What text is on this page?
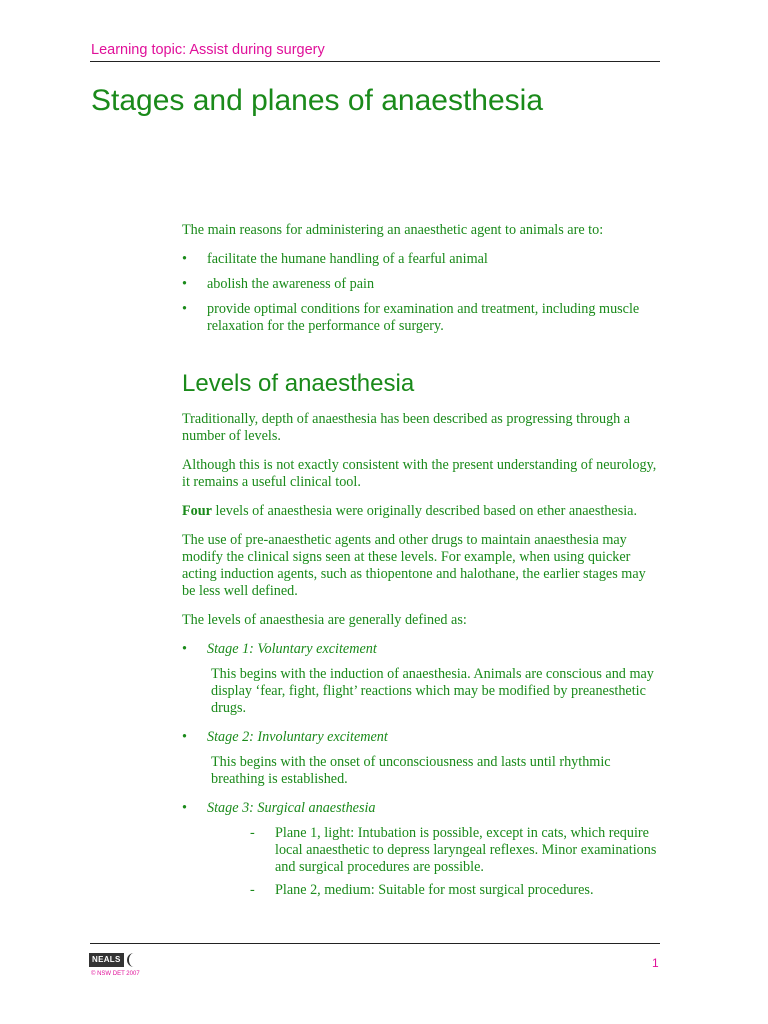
Learning topic: Assist during surgery
Stages and planes of anaesthesia

The main reasons for administering an anaesthetic agent to animals are to:

• facilitate the humane handling of a fearful animal
• abolish the awareness of pain
• provide optimal conditions for examination and treatment, including muscle relaxation for the performance of surgery.
Levels of anaesthesia

Traditionally, depth of anaesthesia has been described as progressing through a number of levels.

Although this is not exactly consistent with the present understanding of neurology, it remains a useful clinical tool.

Four levels of anaesthesia were originally described based on ether anaesthesia.

The use of pre-anaesthetic agents and other drugs to maintain anaesthesia may modify the clinical signs seen at these levels. For example, when using quicker acting induction agents, such as thiopentone and halothane, the earlier stages may be less well defined.

The levels of anaesthesia are generally defined as:

• Stage 1: Voluntary excitement

This begins with the induction of anaesthesia. Animals are conscious and may display ‘fear, fight, flight’ reactions which may be modified by preanesthetic drugs.

• Stage 2: Involuntary excitement

This begins with the onset of unconsciousness and lasts until rhythmic breathing is established.

• Stage 3: Surgical anaesthesia
- Plane 1, light: Intubation is possible, except in cats, which require local anaesthetic to depress laryngeal reflexes. Minor examinations and surgical procedures are possible.
- Plane 2, medium: Suitable for most surgical procedures.
NEALS
© NSW DET 2007
1
